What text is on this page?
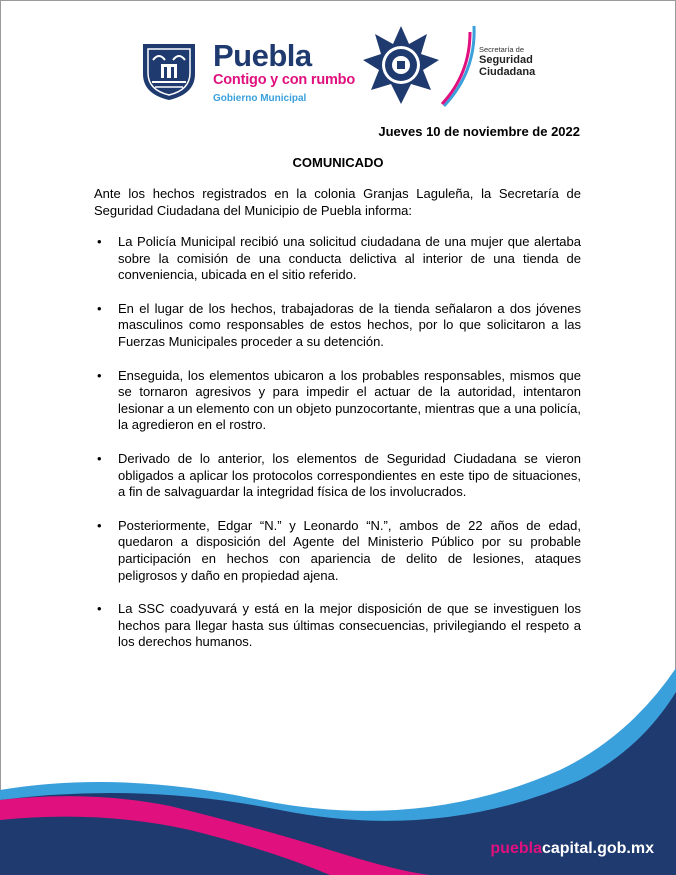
Puebla
Contigo y con rumbo
Gobierno Municipal
Secretaría de
Seguridad
Ciudadana
Jueves 10 de noviembre de 2022
COMUNICADO
Ante los hechos registrados en la colonia Granjas Laguleña, la Secretaría de Seguridad Ciudadana del Municipio de Puebla informa:
• La Policía Municipal recibió una solicitud ciudadana de una mujer que alertaba sobre la comisión de una conducta delictiva al interior de una tienda de conveniencia, ubicada en el sitio referido.
• En el lugar de los hechos, trabajadoras de la tienda señalaron a dos jóvenes masculinos como responsables de estos hechos, por lo que solicitaron a las Fuerzas Municipales proceder a su detención.
• Enseguida, los elementos ubicaron a los probables responsables, mismos que se tornaron agresivos y para impedir el actuar de la autoridad, intentaron lesionar a un elemento con un objeto punzocortante, mientras que a una policía, la agredieron en el rostro.
• Derivado de lo anterior, los elementos de Seguridad Ciudadana se vieron obligados a aplicar los protocolos correspondientes en este tipo de situaciones, a fin de salvaguardar la integridad física de los involucrados.
• Posteriormente, Edgar “N.” y Leonardo “N.”, ambos de 22 años de edad, quedaron a disposición del Agente del Ministerio Público por su probable participación en hechos con apariencia de delito de lesiones, ataques peligrosos y daño en propiedad ajena.
• La SSC coadyuvará y está en la mejor disposición de que se investiguen los hechos para llegar hasta sus últimas consecuencias, privilegiando el respeto a los derechos humanos.
pueblacapital.gob.mx
